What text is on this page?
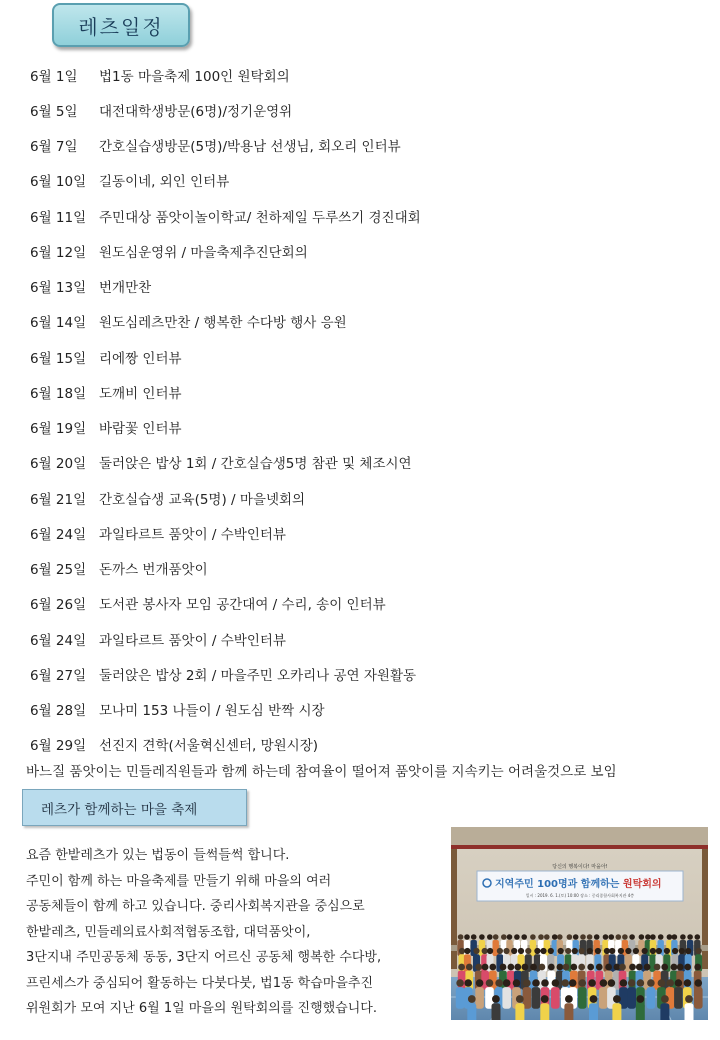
레츠일정
6월 1일	법1동 마을축제 100인 원탁회의
6월 5일	대전대학생방문(6명)/정기운영위
6월 7일	간호실습생방문(5명)/박용남 선생님, 회오리 인터뷰
6월 10일 길동이네, 외인 인터뷰
6월 11일 주민대상 품앗이놀이학교/ 천하제일 두루쓰기 경진대회
6월 12일 원도심운영위 / 마을축제추진단회의
6월 13일 번개만찬
6월 14일 원도심레츠만찬 / 행복한 수다방 행사 응원
6월 15일 리에짱 인터뷰
6월 18일 도깨비 인터뷰
6월 19일 바람꽃 인터뷰
6월 20일 둘러앉은 밥상 1회 / 간호실습생5명 참관 및 체조시연
6월 21일 간호실습생 교육(5명) / 마을넷회의
6월 24일 과일타르트 품앗이 / 수박인터뷰
6월 25일 돈까스 번개품앗이
6월 26일 도서관 봉사자 모임 공간대여 / 수리, 송이 인터뷰
6월 24일 과일타르트 품앗이 / 수박인터뷰
6월 27일 둘러앉은 밥상 2회 / 마을주민 오카리나 공연 자원활동
6월 28일 모나미 153 나들이 / 원도심 반짝 시장
6월 29일 선진지 견학(서울혁신센터, 망원시장)
바느질 품앗이는 민들레직원들과 함께 하는데 참여율이 떨어져 품앗이를 지속키는 어려울것으로 보임
레츠가 함께하는 마을 축제
요즘 한밭레츠가 있는 법동이 들썩들썩 합니다.
주민이 함께 하는 마을축제를 만들기 위해 마을의 여러
공동체들이 함께 하고 있습니다. 중리사회복지관을 중심으로
한밭레츠, 민들레의료사회적협동조합, 대덕품앗이,
3단지내 주민공동체 동동, 3단지 어르신 공동체 행복한 수다방,
프린세스가 중심되어 활동하는 다붓다붓, 법1동 학습마을추진
위원회가 모여 지난 6월 1일 마을의 원탁회의를 진행했습니다.
당신의 행복이다! 마을아!
지역주민 100명과 함께하는 원탁회의
일시 : 2019. 6. 1.(토) 10:00 장소 : 중리종합사회복지관 4층
